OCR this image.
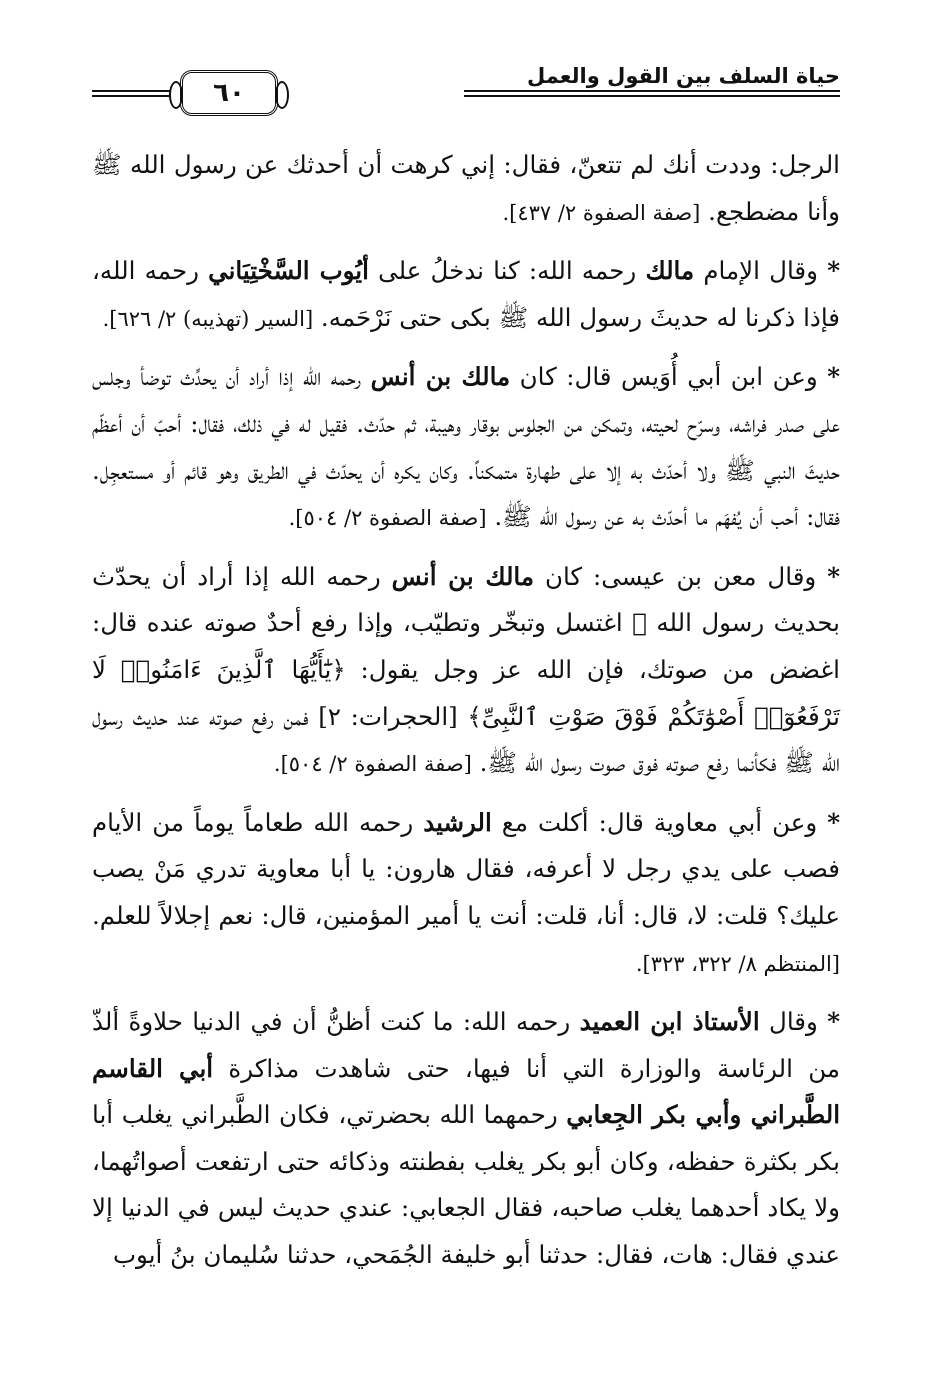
حياة السلف بين القول والعمل
٦٠

الرجل: وددت أنك لم تتعنّ، فقال: إني كرهت أن أحدثك عن رسول الله ﷺ وأنا مضطجع. [صفة الصفوة ٢/ ٤٣٧].

* وقال الإمام مالك رحمه الله: كنا ندخلُ على أيُوب السَّخْتِيَاني رحمه الله، فإذا ذكرنا له حديثَ رسول الله ﷺ بكى حتى نَرْحَمه. [السير (تهذيبه) ٢/ ٦٢٦].

* وعن ابن أبي أُوَيس قال: كان مالك بن أنس رحمه الله إذا أراد أن يحدِّث توضأ وجلس على صدر فراشه، وسرّح لحيته، وتمكن من الجلوس بوقار وهيبة، ثم حدّث. فقيل له في ذلك، فقال: أحبّ أن أعظّم حديثَ النبي ﷺ ولا أحدّث به إلا على طهارة متمكناً. وكان يكره أن يحدّث في الطريق وهو قائم أو مستعجِل. فقال: أحب أن يُفهَم ما أحدّث به عن رسول الله ﷺ. [صفة الصفوة ٢/ ٥٠٤].

* وقال معن بن عيسى: كان مالك بن أنس رحمه الله إذا أراد أن يحدّث بحديث رسول الله ﷺ اغتسل وتبخّر وتطيّب، وإذا رفع أحدٌ صوته عنده قال: اغضض من صوتك، فإن الله عز وجل يقول: ﴿يَٰٓأَيُّهَا ٱلَّذِينَ ءَامَنُوا۟ لَا تَرْفَعُوٓا۟ أَصْوَٰتَكُمْ فَوْقَ صَوْتِ ٱلنَّبِىِّ﴾ [الحجرات: ٢] فمن رفع صوته عند حديث رسول الله ﷺ فكأنما رفع صوته فوق صوت رسول الله ﷺ. [صفة الصفوة ٢/ ٥٠٤].

* وعن أبي معاوية قال: أكلت مع الرشيد رحمه الله طعاماً يوماً من الأيام فصب على يدي رجل لا أعرفه، فقال هارون: يا أبا معاوية تدري مَنْ يصب عليك؟ قلت: لا، قال: أنا، قلت: أنت يا أمير المؤمنين، قال: نعم إجلالاً للعلم. [المنتظم ٨/ ٣٢٢، ٣٢٣].

* وقال الأستاذ ابن العميد رحمه الله: ما كنت أظنُّ أن في الدنيا حلاوةً ألذّ من الرئاسة والوزارة التي أنا فيها، حتى شاهدت مذاكرة أبي القاسم الطَّبراني وأبي بكر الجِعابي رحمهما الله بحضرتي، فكان الطَّبراني يغلب أبا بكر بكثرة حفظه، وكان أبو بكر يغلب بفطنته وذكائه حتى ارتفعت أصواتُهما، ولا يكاد أحدهما يغلب صاحبه، فقال الجعابي: عندي حديث ليس في الدنيا إلا عندي فقال: هات، فقال: حدثنا أبو خليفة الجُمَحي، حدثنا سُليمان بنُ أيوب
